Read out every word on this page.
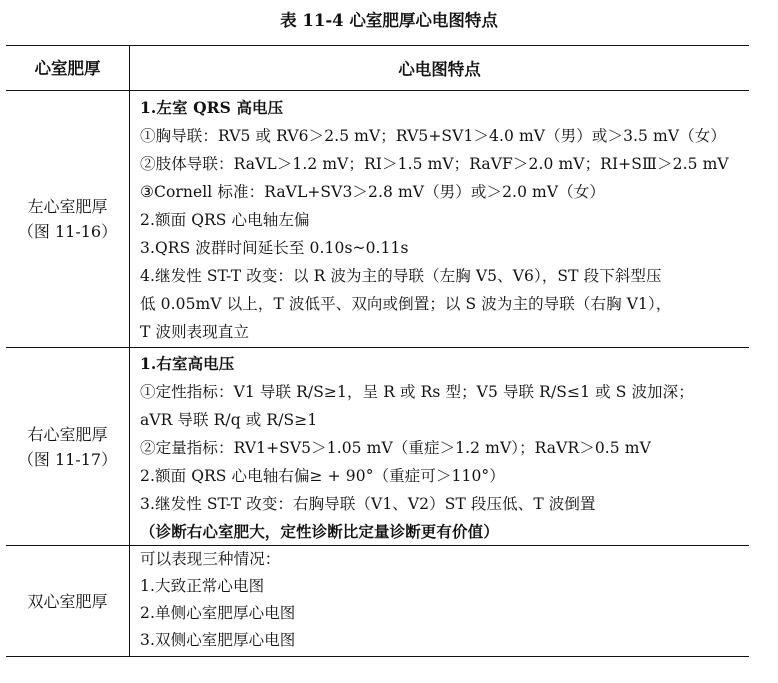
表 11-4 心室肥厚心电图特点
心室肥厚	心电图特点
左心室肥厚
（图 11-16）
1.左室 QRS 高电压
①胸导联：RV5 或 RV6＞2.5 mV；RV5+SV1＞4.0 mV（男）或＞3.5 mV（女）
②肢体导联：RaVL＞1.2 mV；RⅠ＞1.5 mV；RaVF＞2.0 mV；RⅠ+SⅢ＞2.5 mV
③Cornell 标准：RaVL+SV3＞2.8 mV（男）或＞2.0 mV（女）
2.额面 QRS 心电轴左偏
3.QRS 波群时间延长至 0.10s~0.11s
4.继发性 ST-T 改变：以 R 波为主的导联（左胸 V5、V6），ST 段下斜型压
低 0.05mV 以上，T 波低平、双向或倒置；以 S 波为主的导联（右胸 V1），
T 波则表现直立
右心室肥厚
（图 11-17）
1.右室高电压
①定性指标：V1 导联 R/S≥1，呈 R 或 Rs 型；V5 导联 R/S≤1 或 S 波加深；
aVR 导联 R/q 或 R/S≥1
②定量指标：RV1+SV5＞1.05 mV（重症＞1.2 mV）；RaVR＞0.5 mV
2.额面 QRS 心电轴右偏≥ + 90°（重症可＞110°）
3.继发性 ST-T 改变：右胸导联（V1、V2）ST 段压低、T 波倒置
（诊断右心室肥大，定性诊断比定量诊断更有价值）
双心室肥厚
可以表现三种情况：
1.大致正常心电图
2.单侧心室肥厚心电图
3.双侧心室肥厚心电图
